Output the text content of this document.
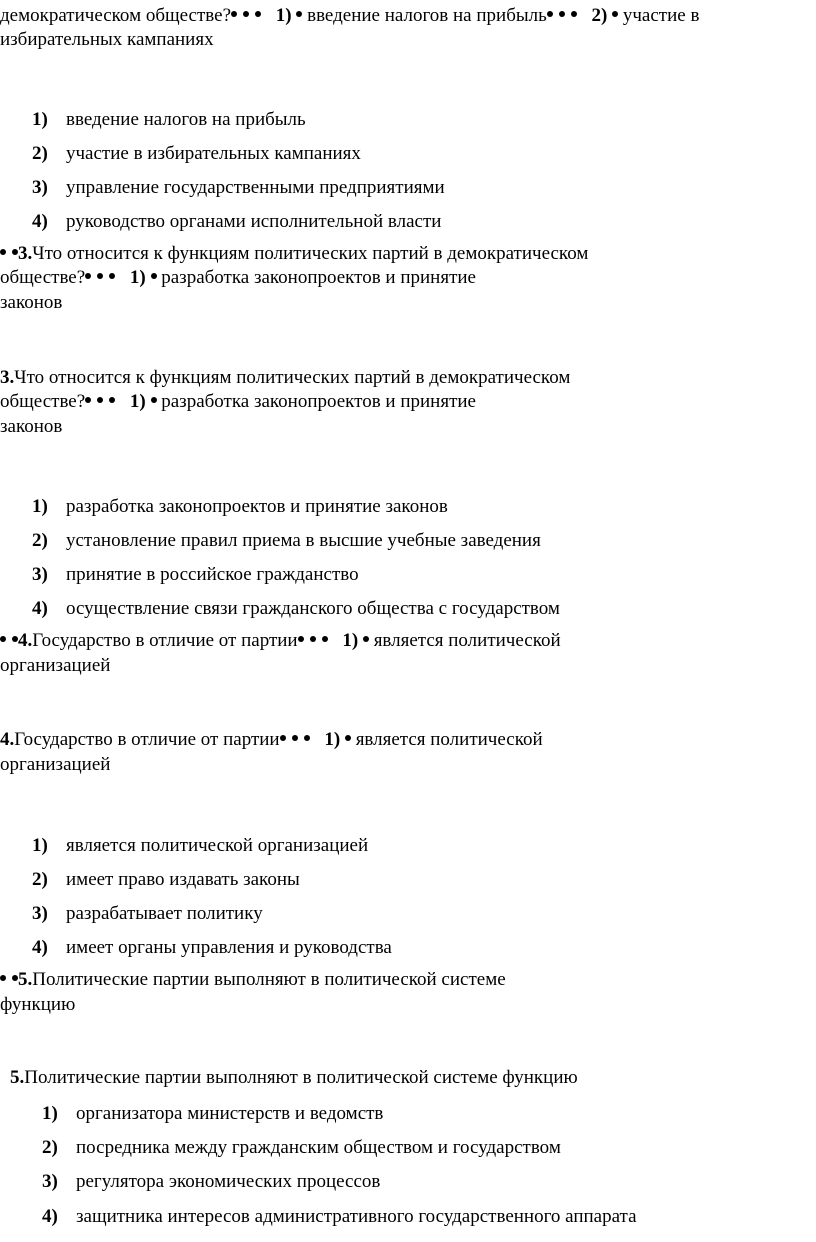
демократическом обществе? 1) введение налогов на прибыль 2) участие в
избирательных кампаниях
1) введение налогов на прибыль
2) участие в избирательных кампаниях
3) управление государственными предприятиями
4) руководство органами исполнительной власти
3.Что относится к функциям политических партий в демократическом
обществе? 1) разработка законопроектов и принятие
законов
3.Что относится к функциям политических партий в демократическом
обществе? 1) разработка законопроектов и принятие
законов
1) разработка законопроектов и принятие законов
2) установление правил приема в высшие учебные заведения
3) принятие в российское гражданство
4) осуществление связи гражданского общества с государством
4.Государство в отличие от партии 1) является политической
организацией
4.Государство в отличие от партии 1) является политической
организацией
1) является политической организацией
2) имеет право издавать законы
3) разрабатывает политику
4) имеет органы управления и руководства
5.Политические партии выполняют в политической системе
функцию
5.Политические партии выполняют в политической системе функцию
1) организатора министерств и ведомств
2) посредника между гражданским обществом и государством
3) регулятора экономических процессов
4) защитника интересов административного государственного аппарата
